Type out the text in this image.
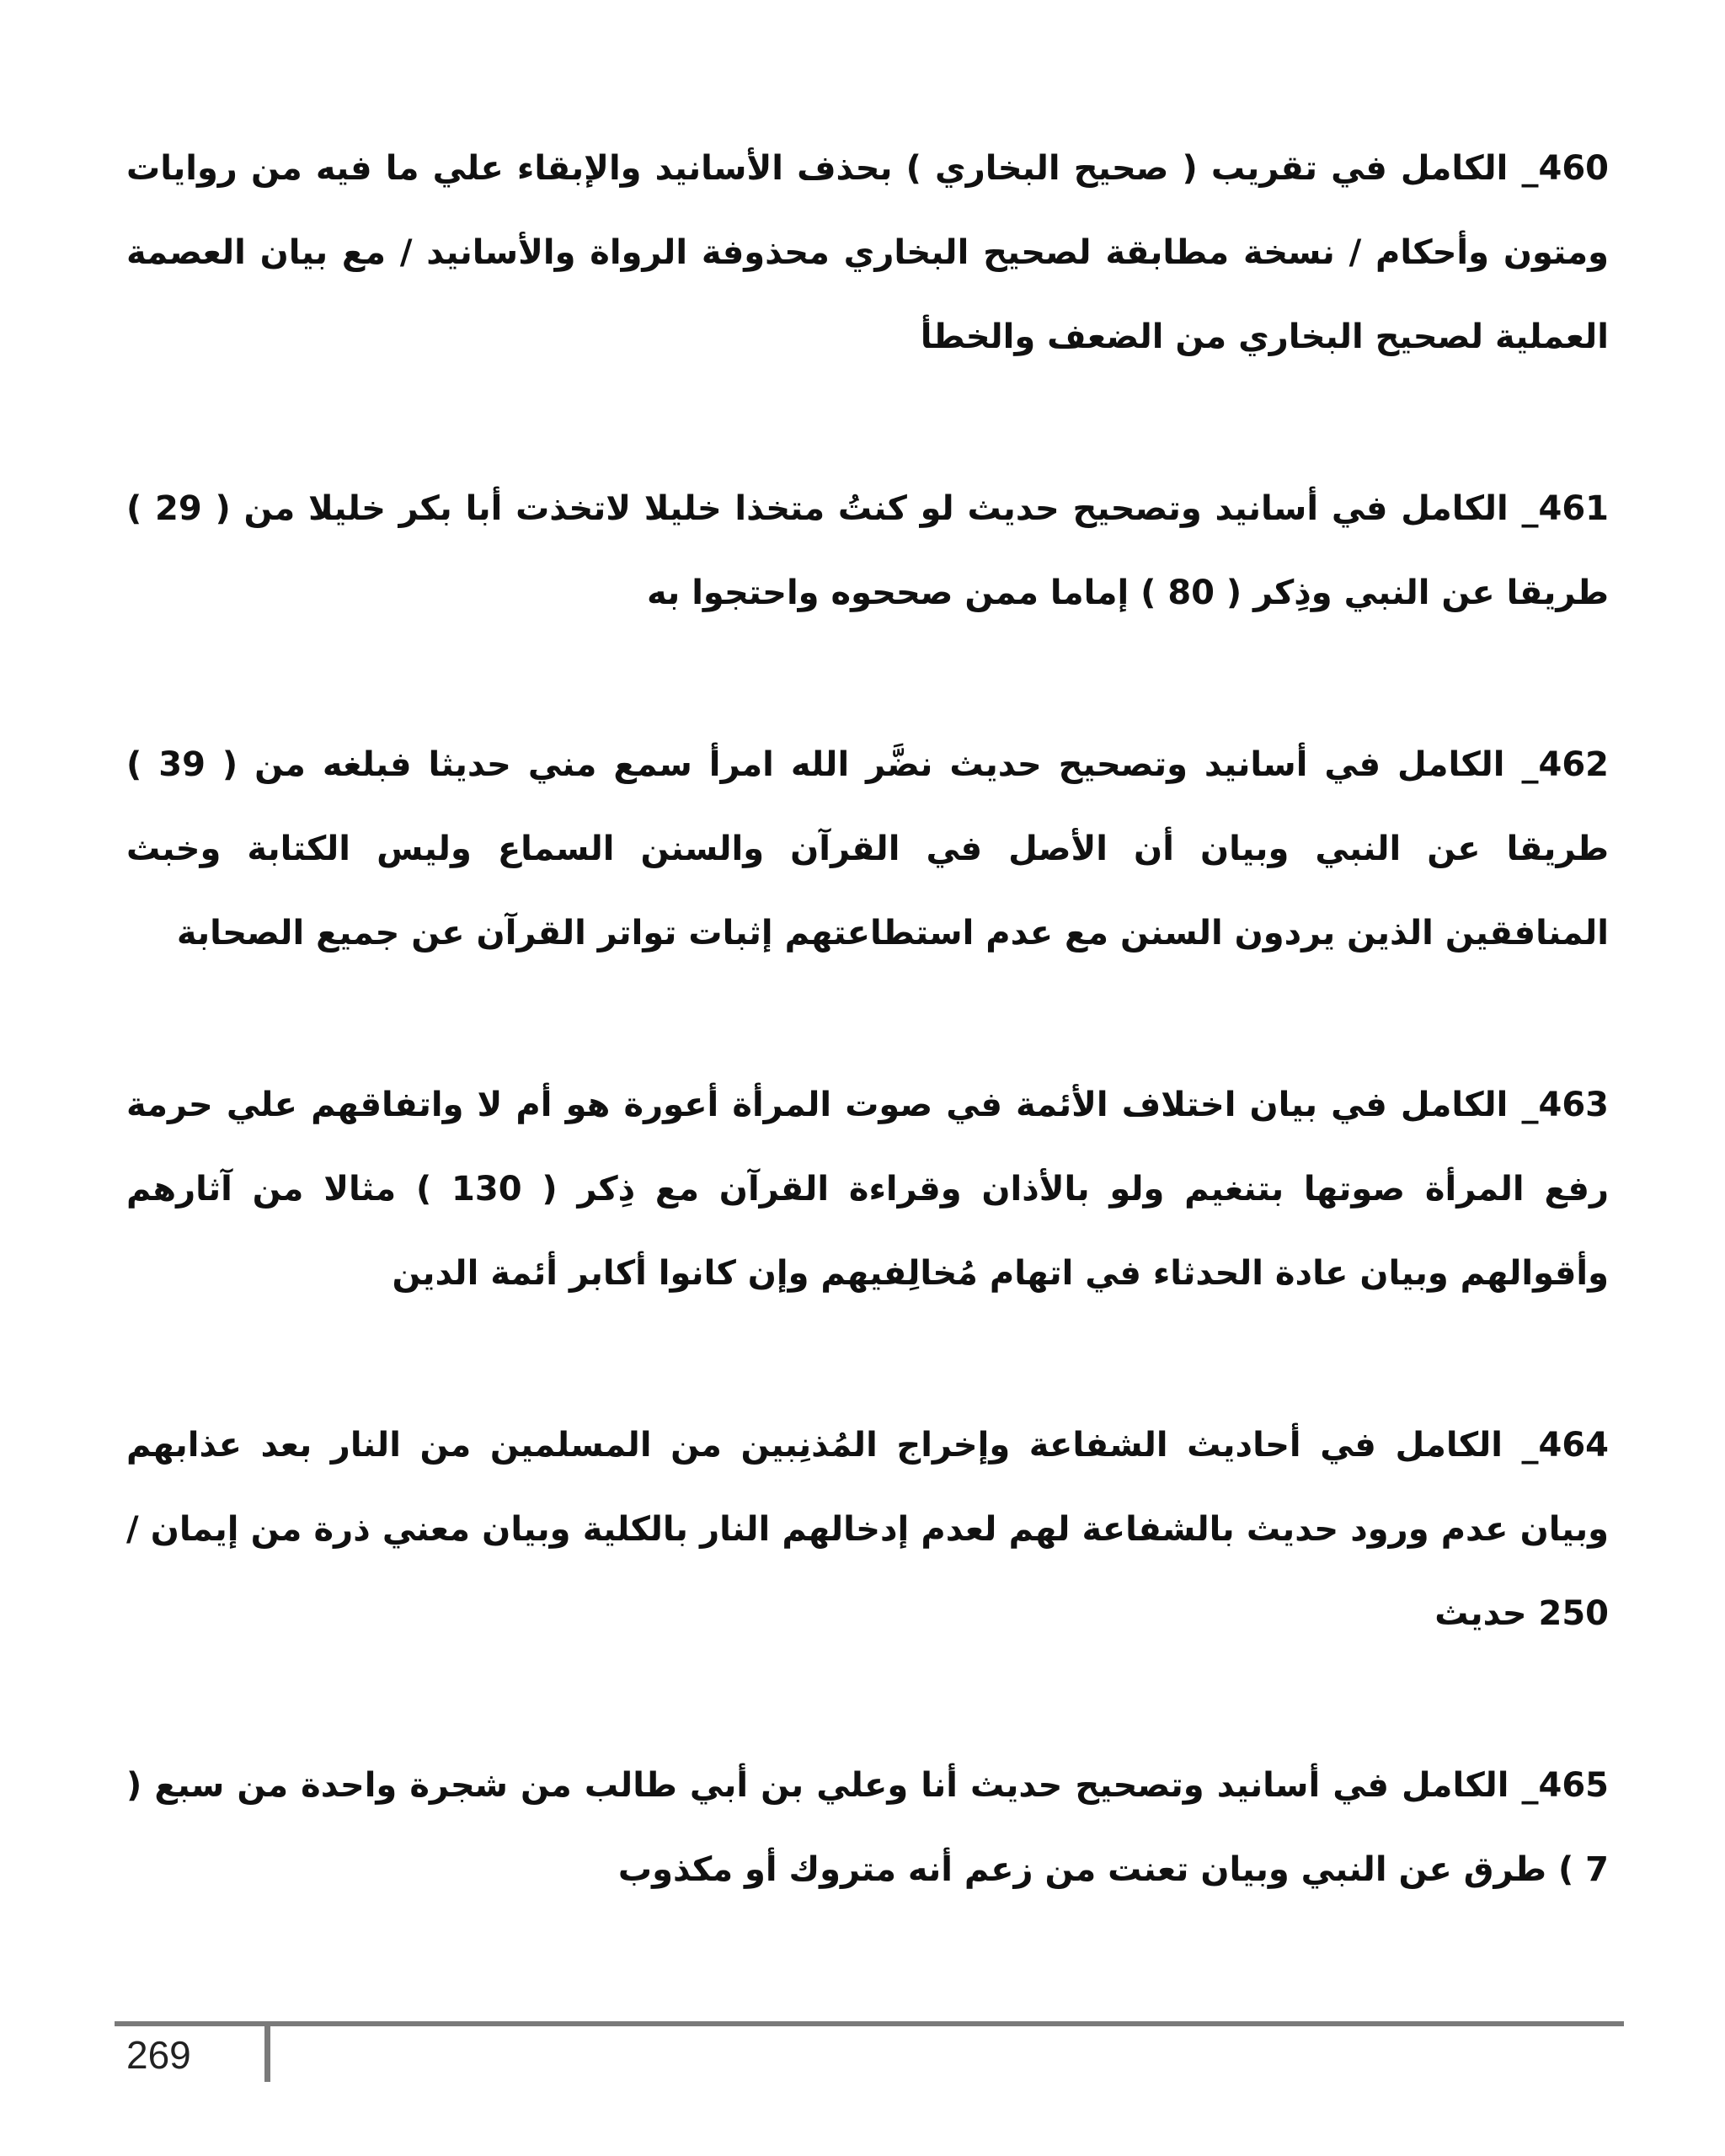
460_ الكامل في تقريب ( صحيح البخاري ) بحذف الأسانيد والإبقاء علي ما فيه من روايات ومتون وأحكام / نسخة مطابقة لصحيح البخاري محذوفة الرواة والأسانيد / مع بيان العصمة العملية لصحيح البخاري من الضعف والخطأ

461_ الكامل في أسانيد وتصحيح حديث لو كنتُ متخذا خليلا لاتخذت أبا بكر خليلا من ( 29 ) طريقا عن النبي وذِكر ( 80 ) إماما ممن صححوه واحتجوا به

462_ الكامل في أسانيد وتصحيح حديث نضَّر الله امرأ سمع مني حديثا فبلغه من ( 39 ) طريقا عن النبي وبيان أن الأصل في القرآن والسنن السماع وليس الكتابة وخبث المنافقين الذين يردون السنن مع عدم استطاعتهم إثبات تواتر القرآن عن جميع الصحابة

463_ الكامل في بيان اختلاف الأئمة في صوت المرأة أعورة هو أم لا واتفاقهم علي حرمة رفع المرأة صوتها بتنغيم ولو بالأذان وقراءة القرآن مع ذِكر ( 130 ) مثالا من آثارهم وأقوالهم وبيان عادة الحدثاء في اتهام مُخالِفيهم وإن كانوا أكابر أئمة الدين

464_ الكامل في أحاديث الشفاعة وإخراج المُذنِبين من المسلمين من النار بعد عذابهم وبيان عدم ورود حديث بالشفاعة لهم لعدم إدخالهم النار بالكلية وبيان معني ذرة من إيمان / 250 حديث

465_ الكامل في أسانيد وتصحيح حديث أنا وعلي بن أبي طالب من شجرة واحدة من سبع ( 7 ) طرق عن النبي وبيان تعنت من زعم أنه متروك أو مكذوب

269
